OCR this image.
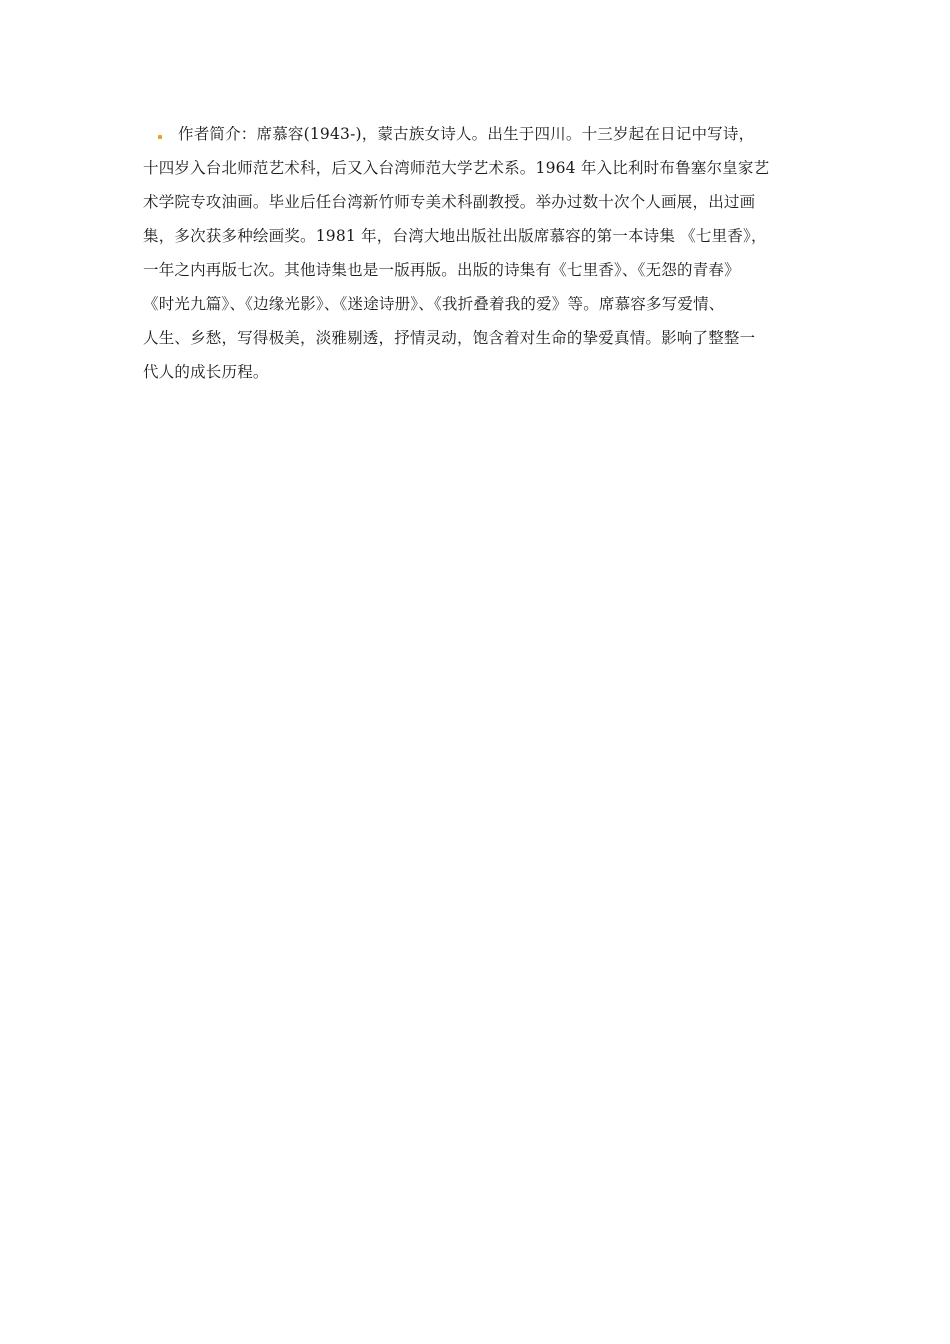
作者简介：席慕容(1943-)，蒙古族女诗人。出生于四川。十三岁起在日记中写诗，
十四岁入台北师范艺术科，后又入台湾师范大学艺术系。1964 年入比利时布鲁塞尔皇家艺
术学院专攻油画。毕业后任台湾新竹师专美术科副教授。举办过数十次个人画展，出过画
集，多次获多种绘画奖。1981 年，台湾大地出版社出版席慕容的第一本诗集 《七里香》，
一年之内再版七次。其他诗集也是一版再版。出版的诗集有《七里香》、《无怨的青春》
《时光九篇》、《边缘光影》、《迷途诗册》、《我折叠着我的爱》等。席慕容多写爱情、
人生、乡愁，写得极美，淡雅剔透，抒情灵动，饱含着对生命的挚爱真情。影响了整整一
代人的成长历程。
